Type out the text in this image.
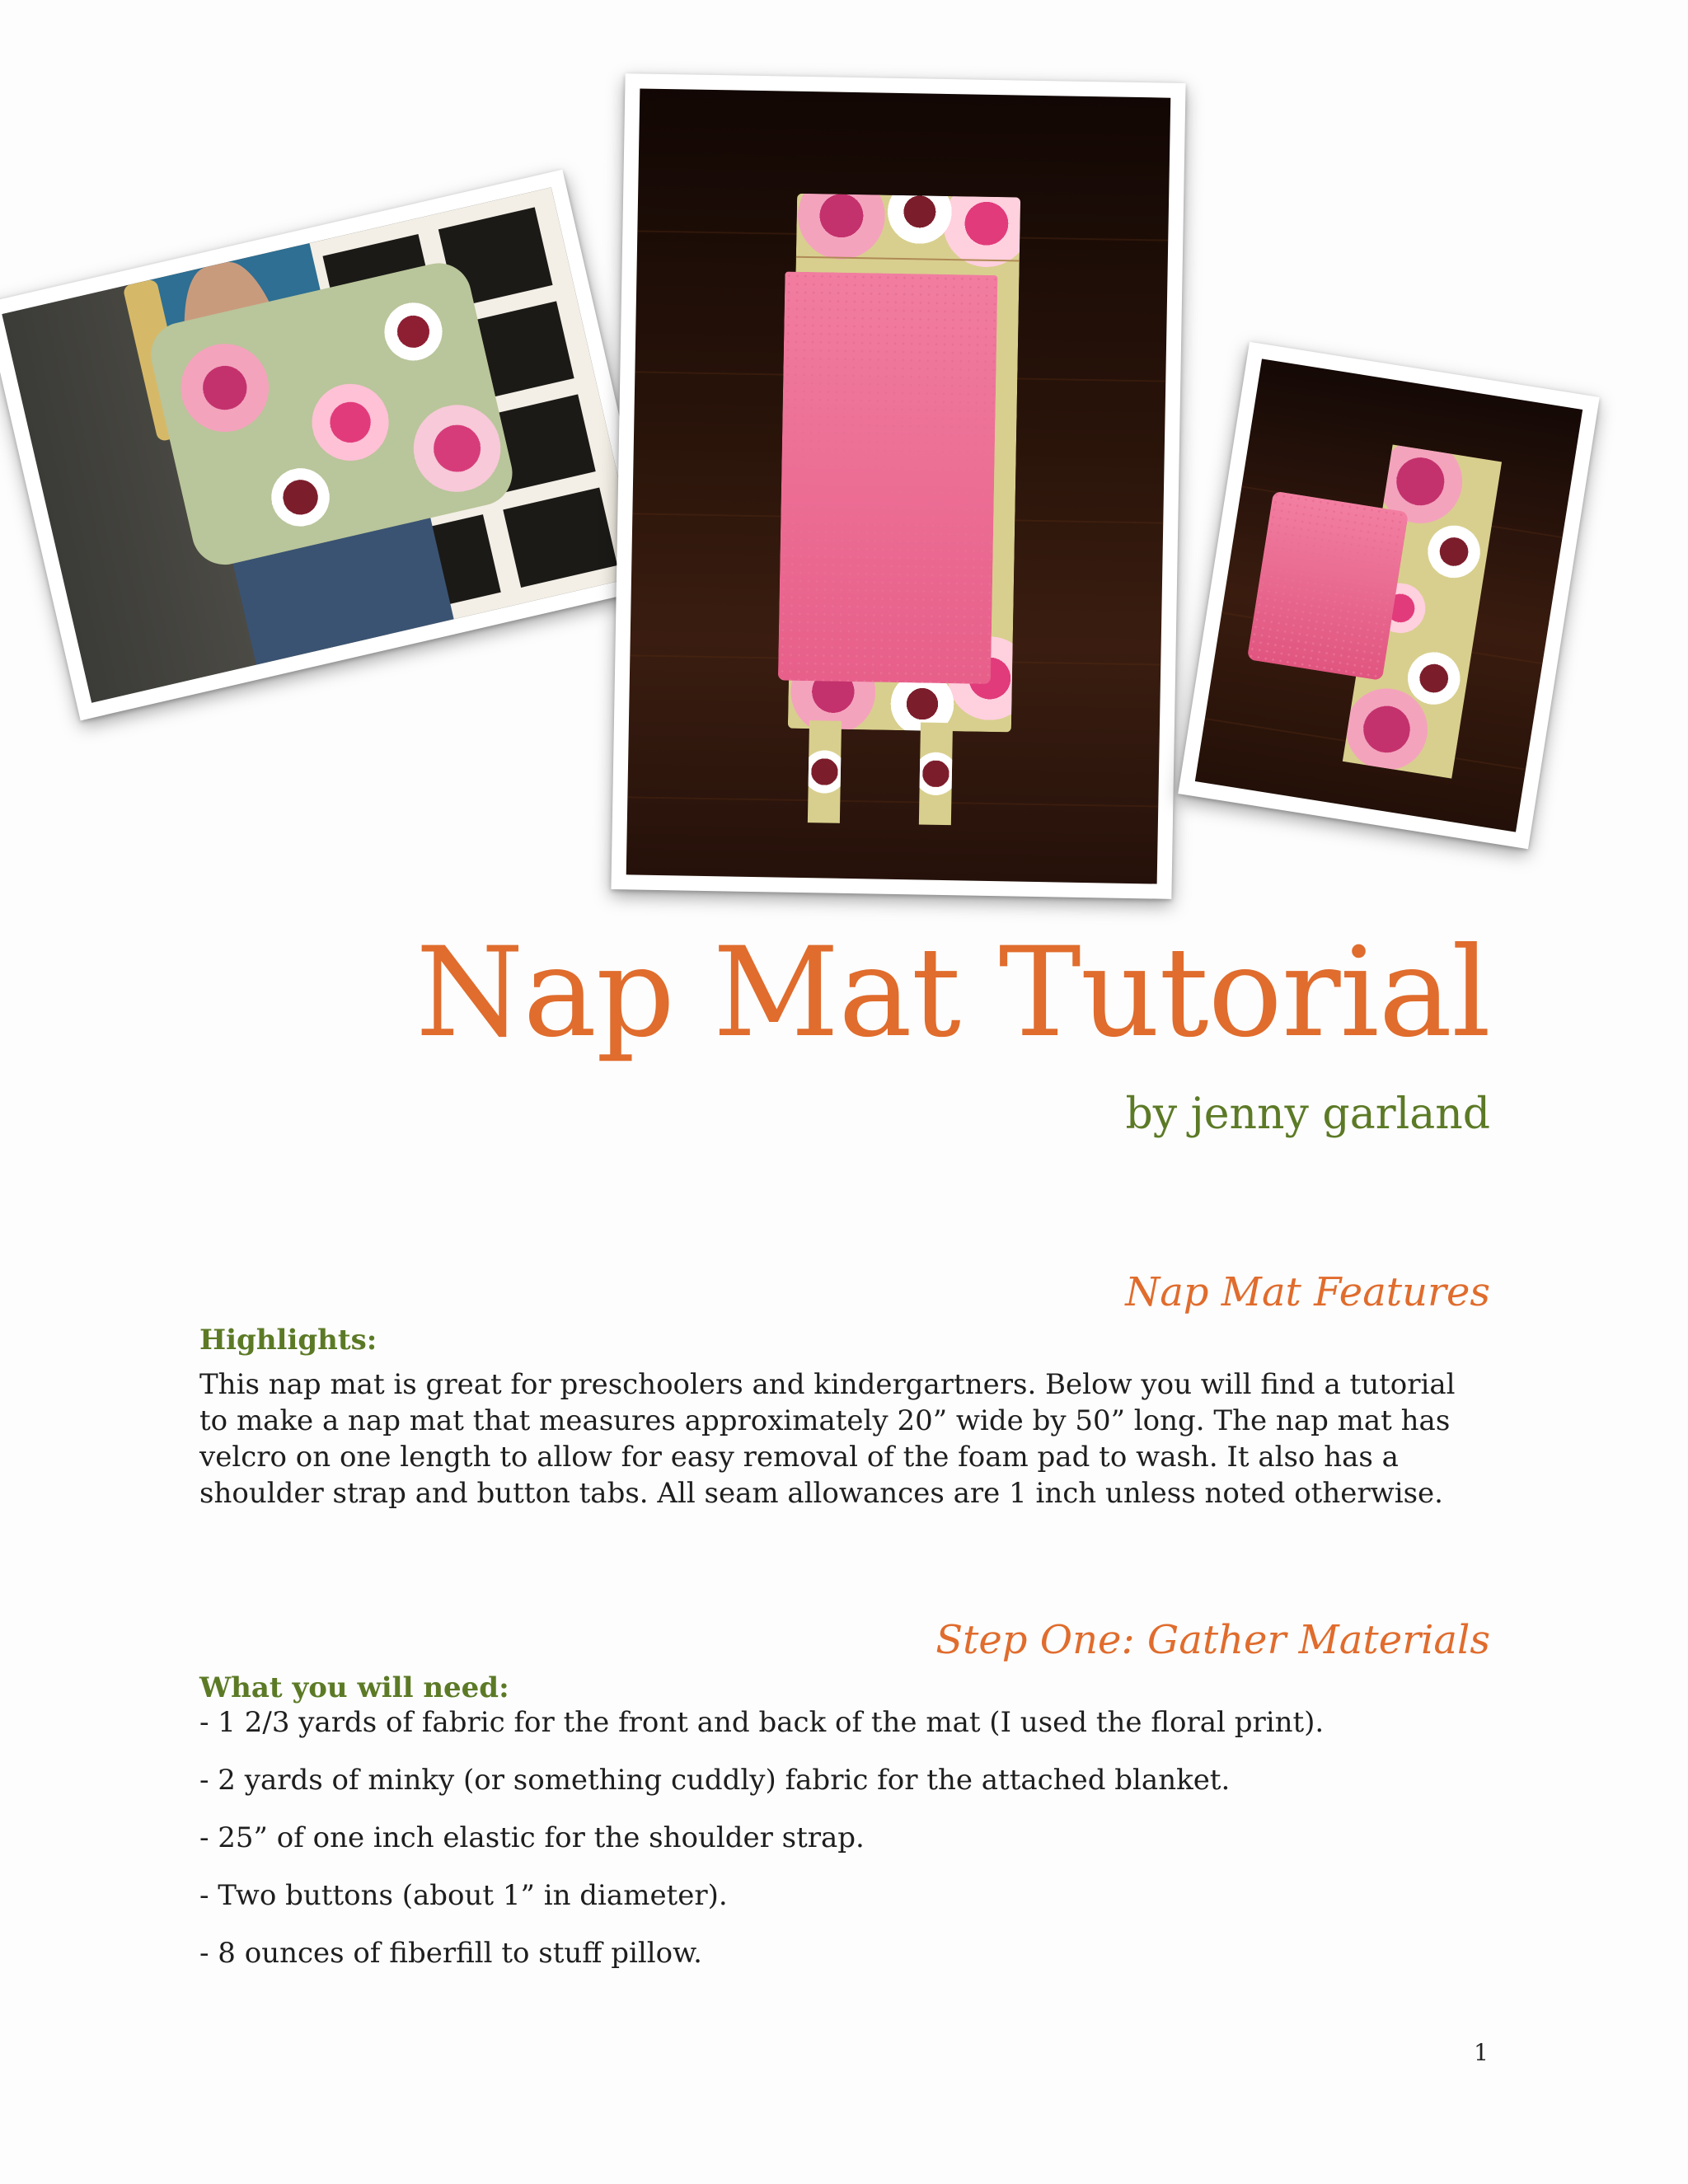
Nap Mat Tutorial

by jenny garland

Nap Mat Features
Highlights:

This nap mat is great for preschoolers and kindergartners. Below you will find a tutorial to make a nap mat that measures approximately 20” wide by 50” long. The nap mat has velcro on one length to allow for easy removal of the foam pad to wash. It also has a shoulder strap and button tabs. All seam allowances are 1 inch unless noted otherwise.

Step One: Gather Materials
What you will need:
- 1 2/3 yards of fabric for the front and back of the mat (I used the floral print).
- 2 yards of minky (or something cuddly) fabric for the attached blanket.
- 25” of one inch elastic for the shoulder strap.
- Two buttons (about 1” in diameter).
- 8 ounces of fiberfill to stuff pillow.
1
